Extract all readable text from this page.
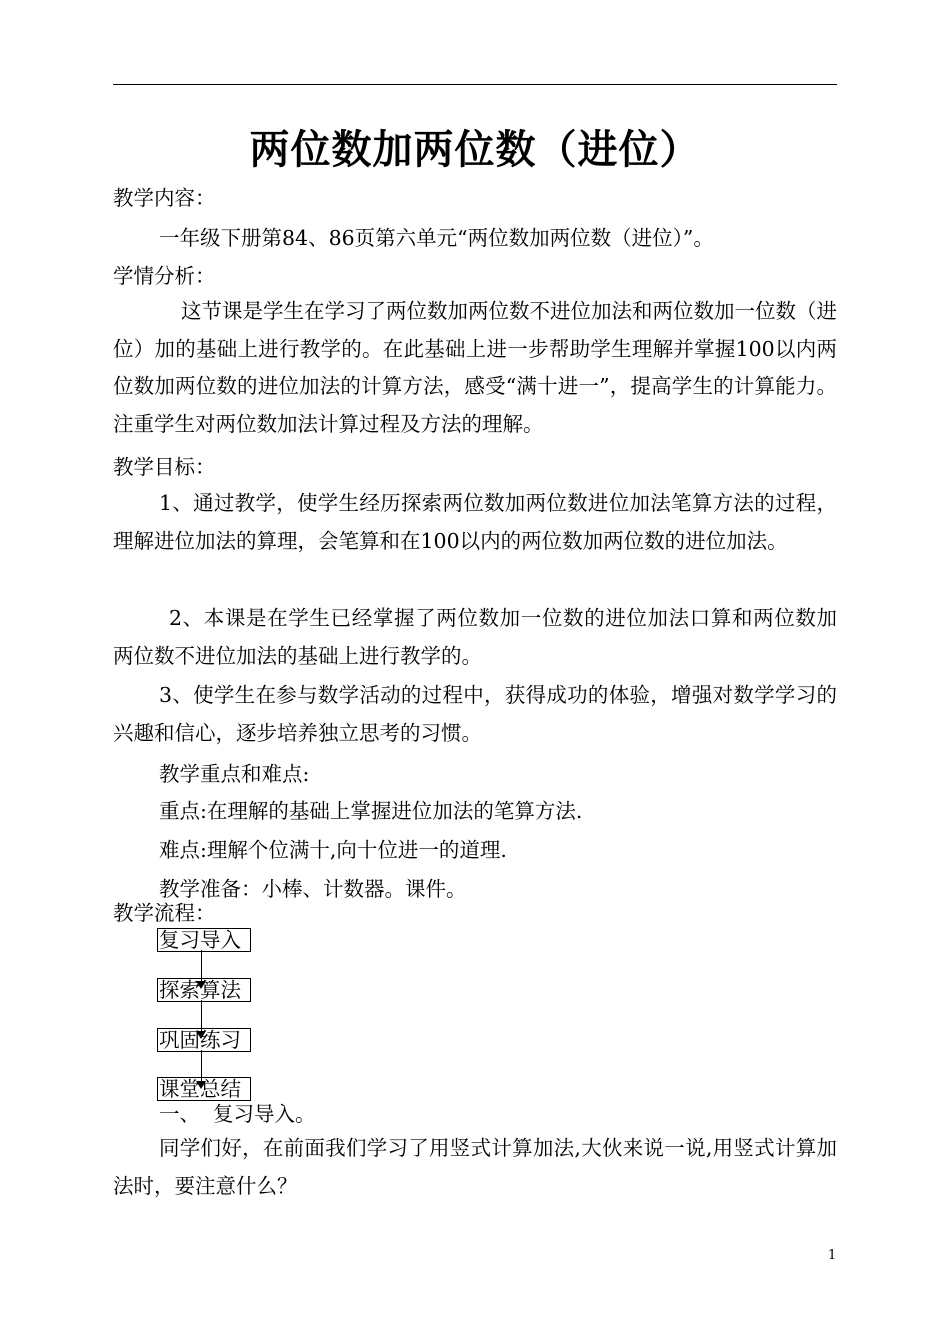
两位数加两位数（进位）
教学内容：
一年级下册第84、86页第六单元“两位数加两位数（进位）”。
学情分析：
这节课是学生在学习了两位数加两位数不进位加法和两位数加一位数（进位）加的基础上进行教学的。在此基础上进一步帮助学生理解并掌握100以内两位数加两位数的进位加法的计算方法，感受“满十进一”，提高学生的计算能力。注重学生对两位数加法计算过程及方法的理解。
教学目标：
1、通过教学，使学生经历探索两位数加两位数进位加法笔算方法的过程，理解进位加法的算理，会笔算和在100以内的两位数加两位数的进位加法。
2、本课是在学生已经掌握了两位数加一位数的进位加法口算和两位数加两位数不进位加法的基础上进行教学的。
3、使学生在参与数学活动的过程中，获得成功的体验，增强对数学学习的兴趣和信心，逐步培养独立思考的习惯。
教学重点和难点:
重点:在理解的基础上掌握进位加法的笔算方法.
难点:理解个位满十,向十位进一的道理.
教学准备：小棒、计数器。课件。
教学流程：
复习导入
探索算法
巩固练习
课堂总结
一、  复习导入。
同学们好，在前面我们学习了用竖式计算加法,大伙来说一说,用竖式计算加法时，要注意什么？
1
